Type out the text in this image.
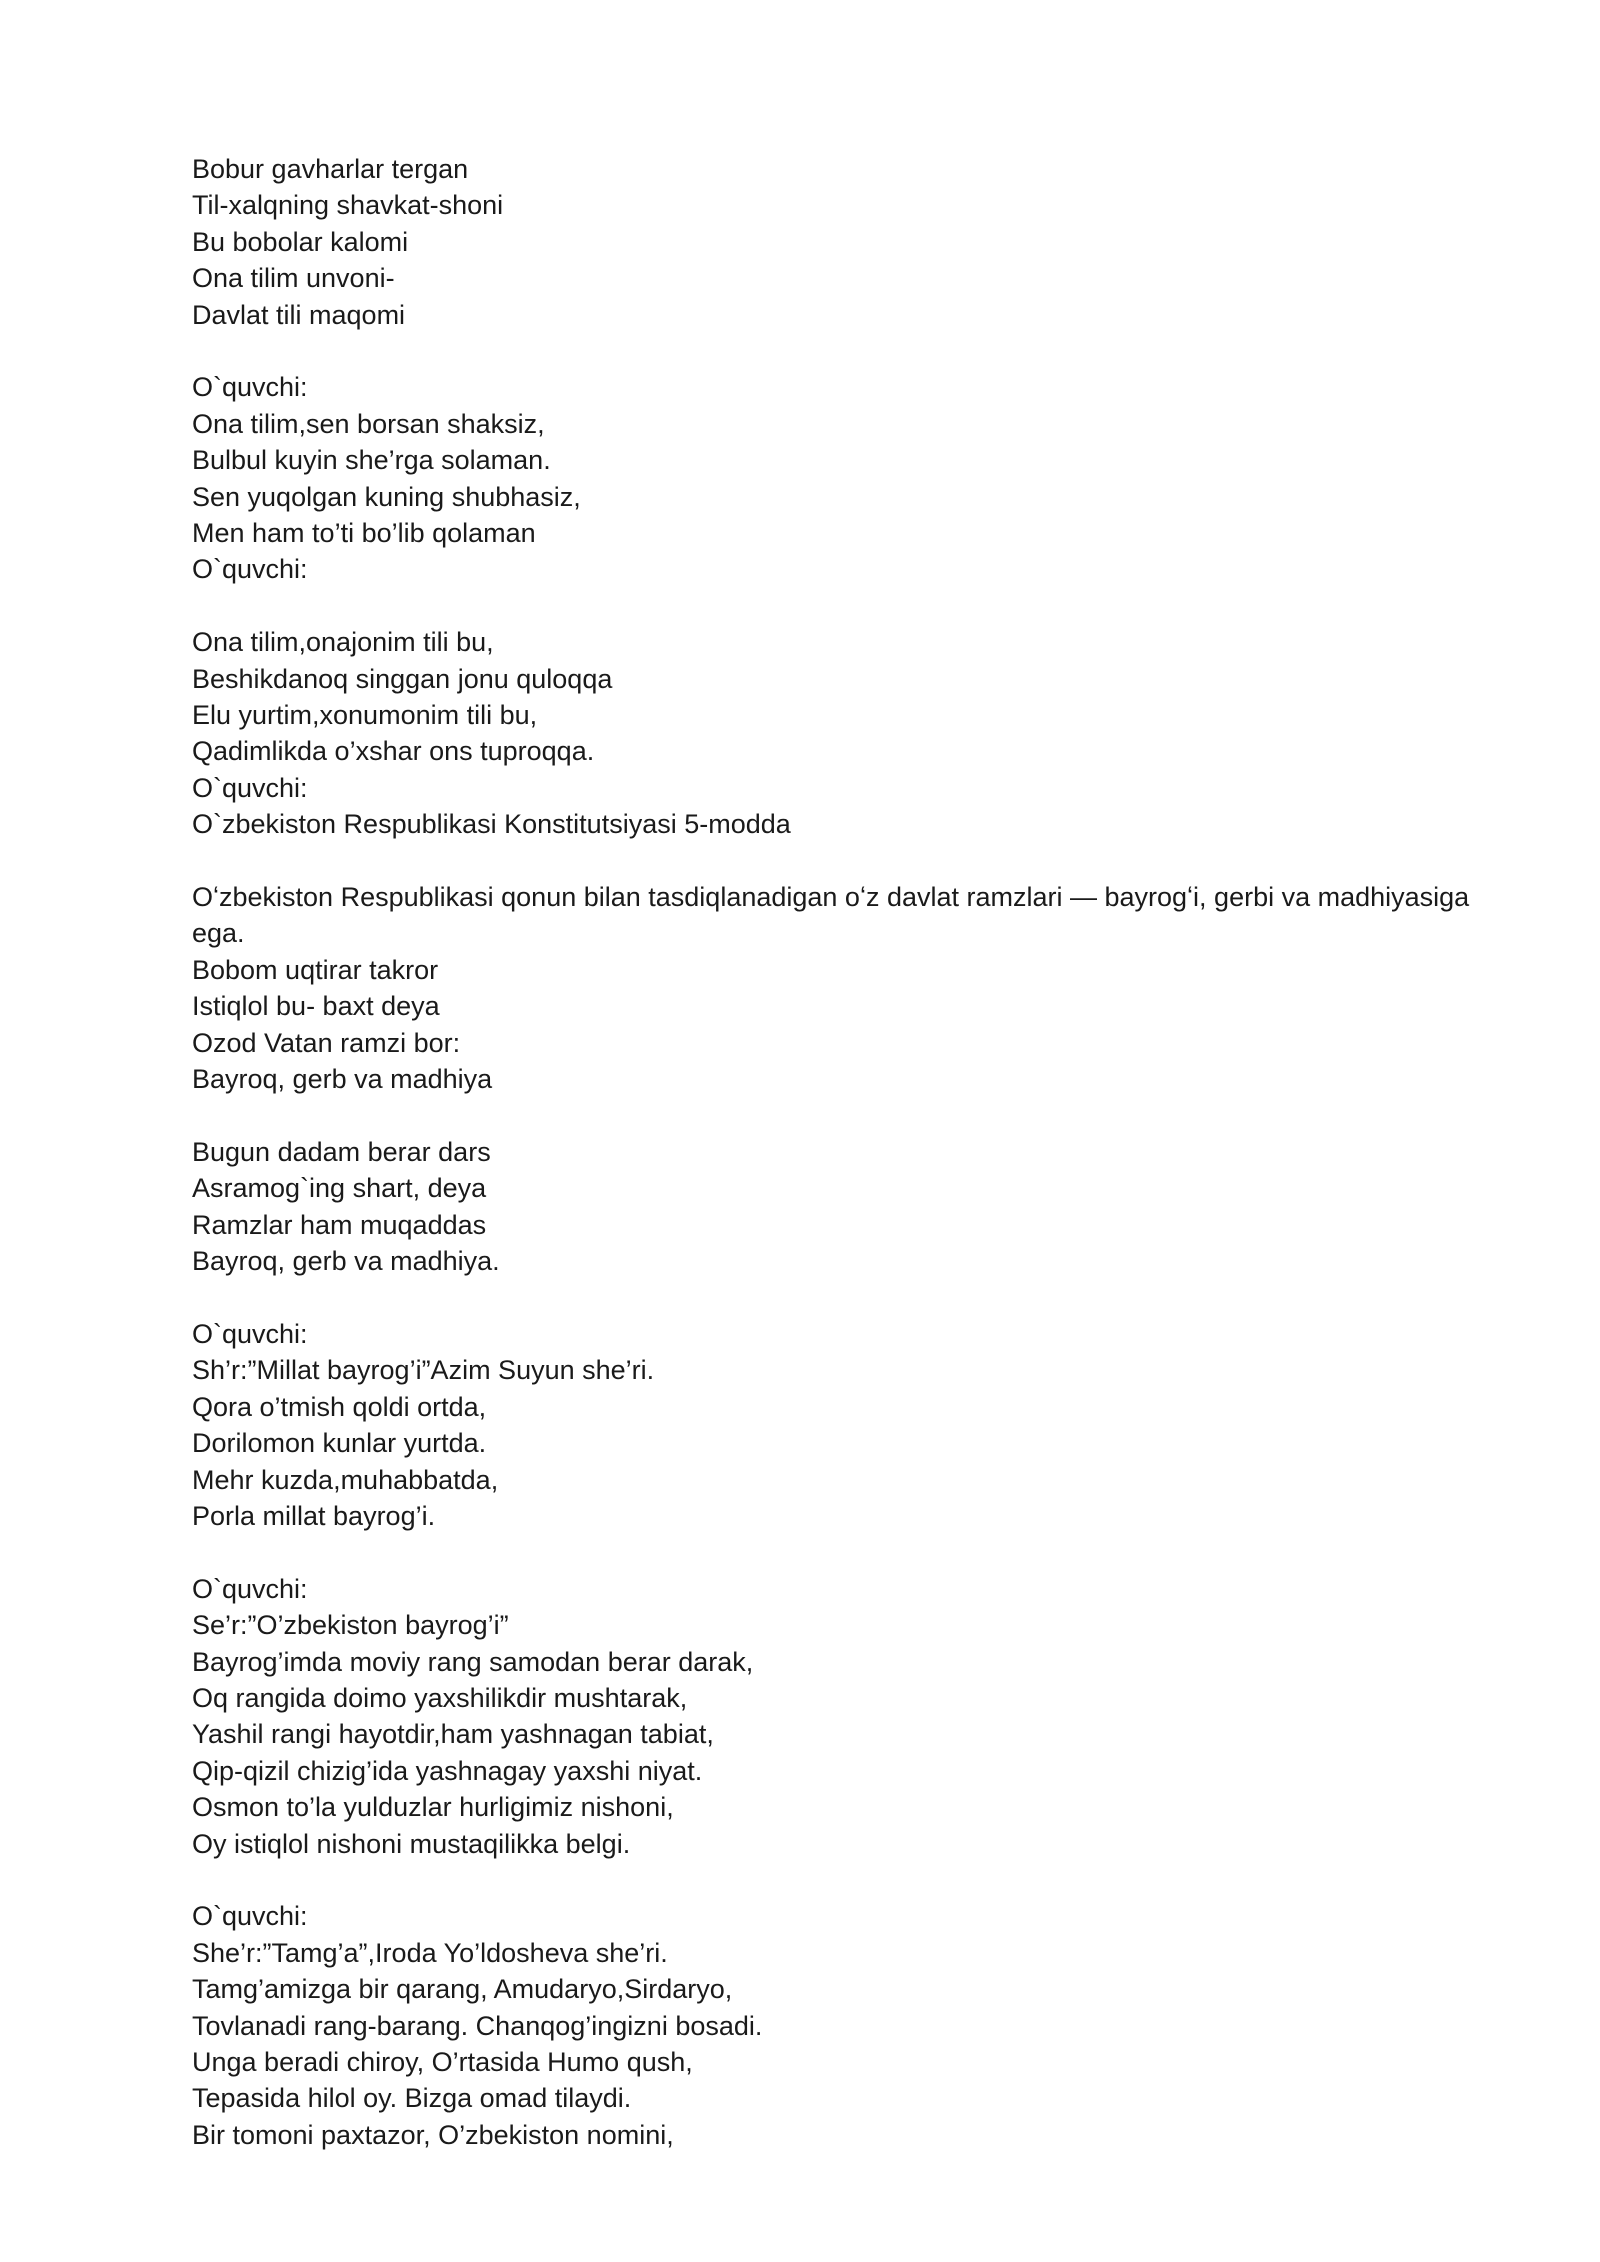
Bobur gavharlar tergan

Til-xalqning shavkat-shoni

Bu bobolar kalomi

Ona tilim unvoni-

Davlat tili maqomi

O`quvchi:

Ona tilim,sen borsan shaksiz,

Bulbul kuyin she’rga solaman.

Sen yuqolgan kuning shubhasiz,

Men ham to’ti bo’lib qolaman

O`quvchi:

Ona tilim,onajonim tili bu,

Beshikdanoq singgan jonu quloqqa

Elu yurtim,xonumonim tili bu,

Qadimlikda o’xshar ons tuproqqa.

O`quvchi:

O`zbekiston Respublikasi Konstitutsiyasi 5-modda

Oʻzbekiston Respublikasi qonun bilan tasdiqlanadigan oʻz davlat ramzlari — bayrogʻi, gerbi va madhiyasiga ega.

Bobom uqtirar takror

Istiqlol bu- baxt deya

Ozod Vatan ramzi bor:

Bayroq, gerb va madhiya

Bugun dadam berar dars

Asramog`ing shart, deya

Ramzlar ham muqaddas

Bayroq, gerb va madhiya.

O`quvchi:

Sh’r:”Millat bayrog’i”Azim Suyun she’ri.

Qora o’tmish qoldi ortda,

Dorilomon kunlar yurtda.

Mehr kuzda,muhabbatda,

Porla millat bayrog’i.

O`quvchi:

Se’r:”O’zbekiston bayrog’i”

Bayrog’imda moviy rang samodan berar darak,

Oq rangida doimo yaxshilikdir mushtarak,

Yashil rangi hayotdir,ham yashnagan tabiat,

Qip-qizil chizig’ida yashnagay yaxshi niyat.

Osmon to’la yulduzlar hurligimiz nishoni,

Oy istiqlol nishoni mustaqilikka belgi.

O`quvchi:

She’r:”Tamg’a”,Iroda Yo’ldosheva she’ri.

Tamg’amizga bir qarang, Amudaryo,Sirdaryo,

Tovlanadi rang-barang. Chanqog’ingizni bosadi.

Unga beradi chiroy, O’rtasida Humo qush,

Tepasida hilol oy. Bizga omad tilaydi.

Bir tomoni paxtazor, O’zbekiston nomini,
